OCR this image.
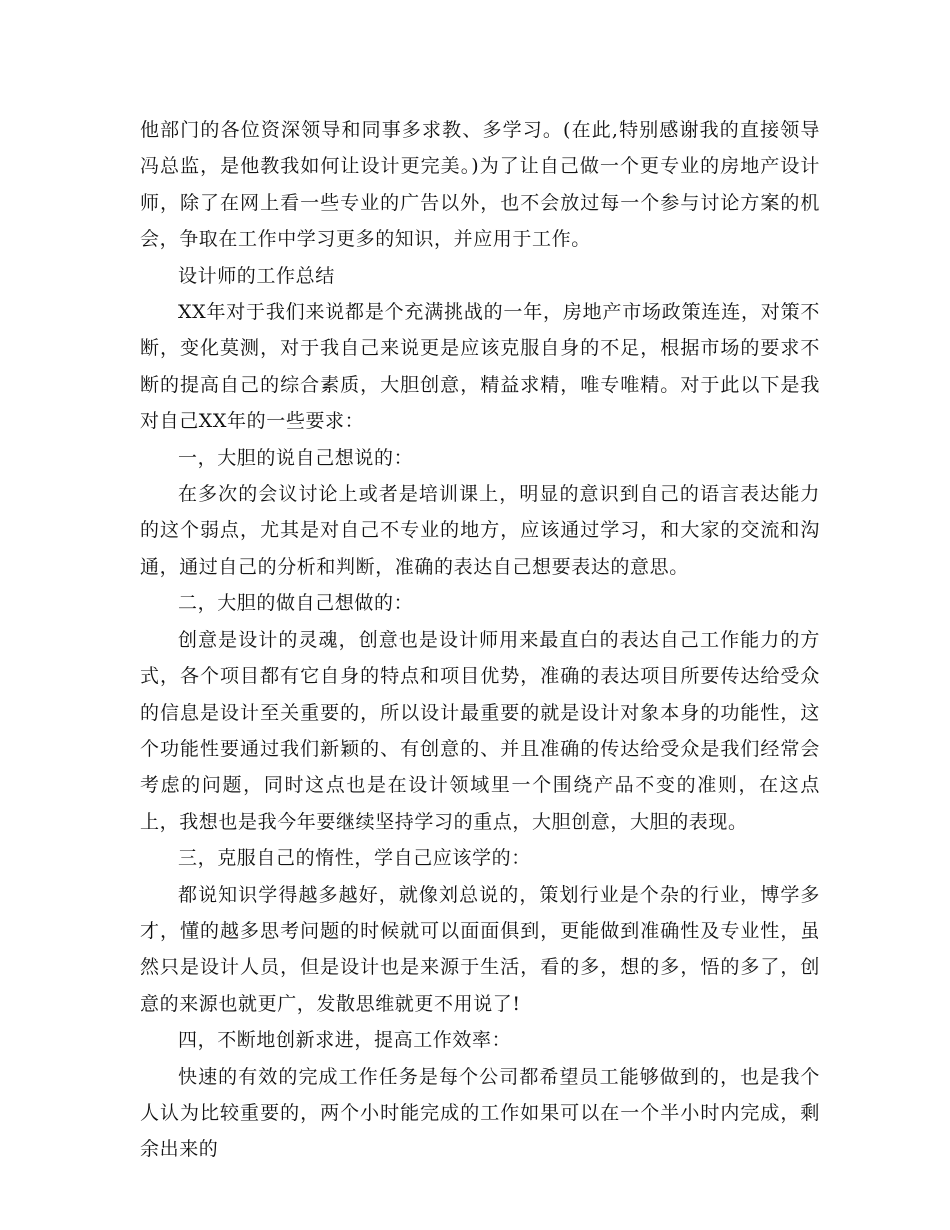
他部门的各位资深领导和同事多求教、多学习。(在此,特别感谢我的直接领导冯总监，是他教我如何让设计更完美。)为了让自己做一个更专业的房地产设计师，除了在网上看一些专业的广告以外，也不会放过每一个参与讨论方案的机会，争取在工作中学习更多的知识，并应用于工作。

设计师的工作总结

XX年对于我们来说都是个充满挑战的一年，房地产市场政策连连，对策不断，变化莫测，对于我自己来说更是应该克服自身的不足，根据市场的要求不断的提高自己的综合素质，大胆创意，精益求精，唯专唯精。对于此以下是我对自己XX年的一些要求：

一，大胆的说自己想说的：

在多次的会议讨论上或者是培训课上，明显的意识到自己的语言表达能力的这个弱点，尤其是对自己不专业的地方，应该通过学习，和大家的交流和沟通，通过自己的分析和判断，准确的表达自己想要表达的意思。

二，大胆的做自己想做的：

创意是设计的灵魂，创意也是设计师用来最直白的表达自己工作能力的方式，各个项目都有它自身的特点和项目优势，准确的表达项目所要传达给受众的信息是设计至关重要的，所以设计最重要的就是设计对象本身的功能性，这个功能性要通过我们新颖的、有创意的、并且准确的传达给受众是我们经常会考虑的问题，同时这点也是在设计领域里一个围绕产品不变的准则，在这点上，我想也是我今年要继续坚持学习的重点，大胆创意，大胆的表现。

三，克服自己的惰性，学自己应该学的：

都说知识学得越多越好，就像刘总说的，策划行业是个杂的行业，博学多才，懂的越多思考问题的时候就可以面面俱到，更能做到准确性及专业性，虽然只是设计人员，但是设计也是来源于生活，看的多，想的多，悟的多了，创意的来源也就更广，发散思维就更不用说了!

四，不断地创新求进，提高工作效率：

快速的有效的完成工作任务是每个公司都希望员工能够做到的，也是我个人认为比较重要的，两个小时能完成的工作如果可以在一个半小时内完成，剩余出来的
